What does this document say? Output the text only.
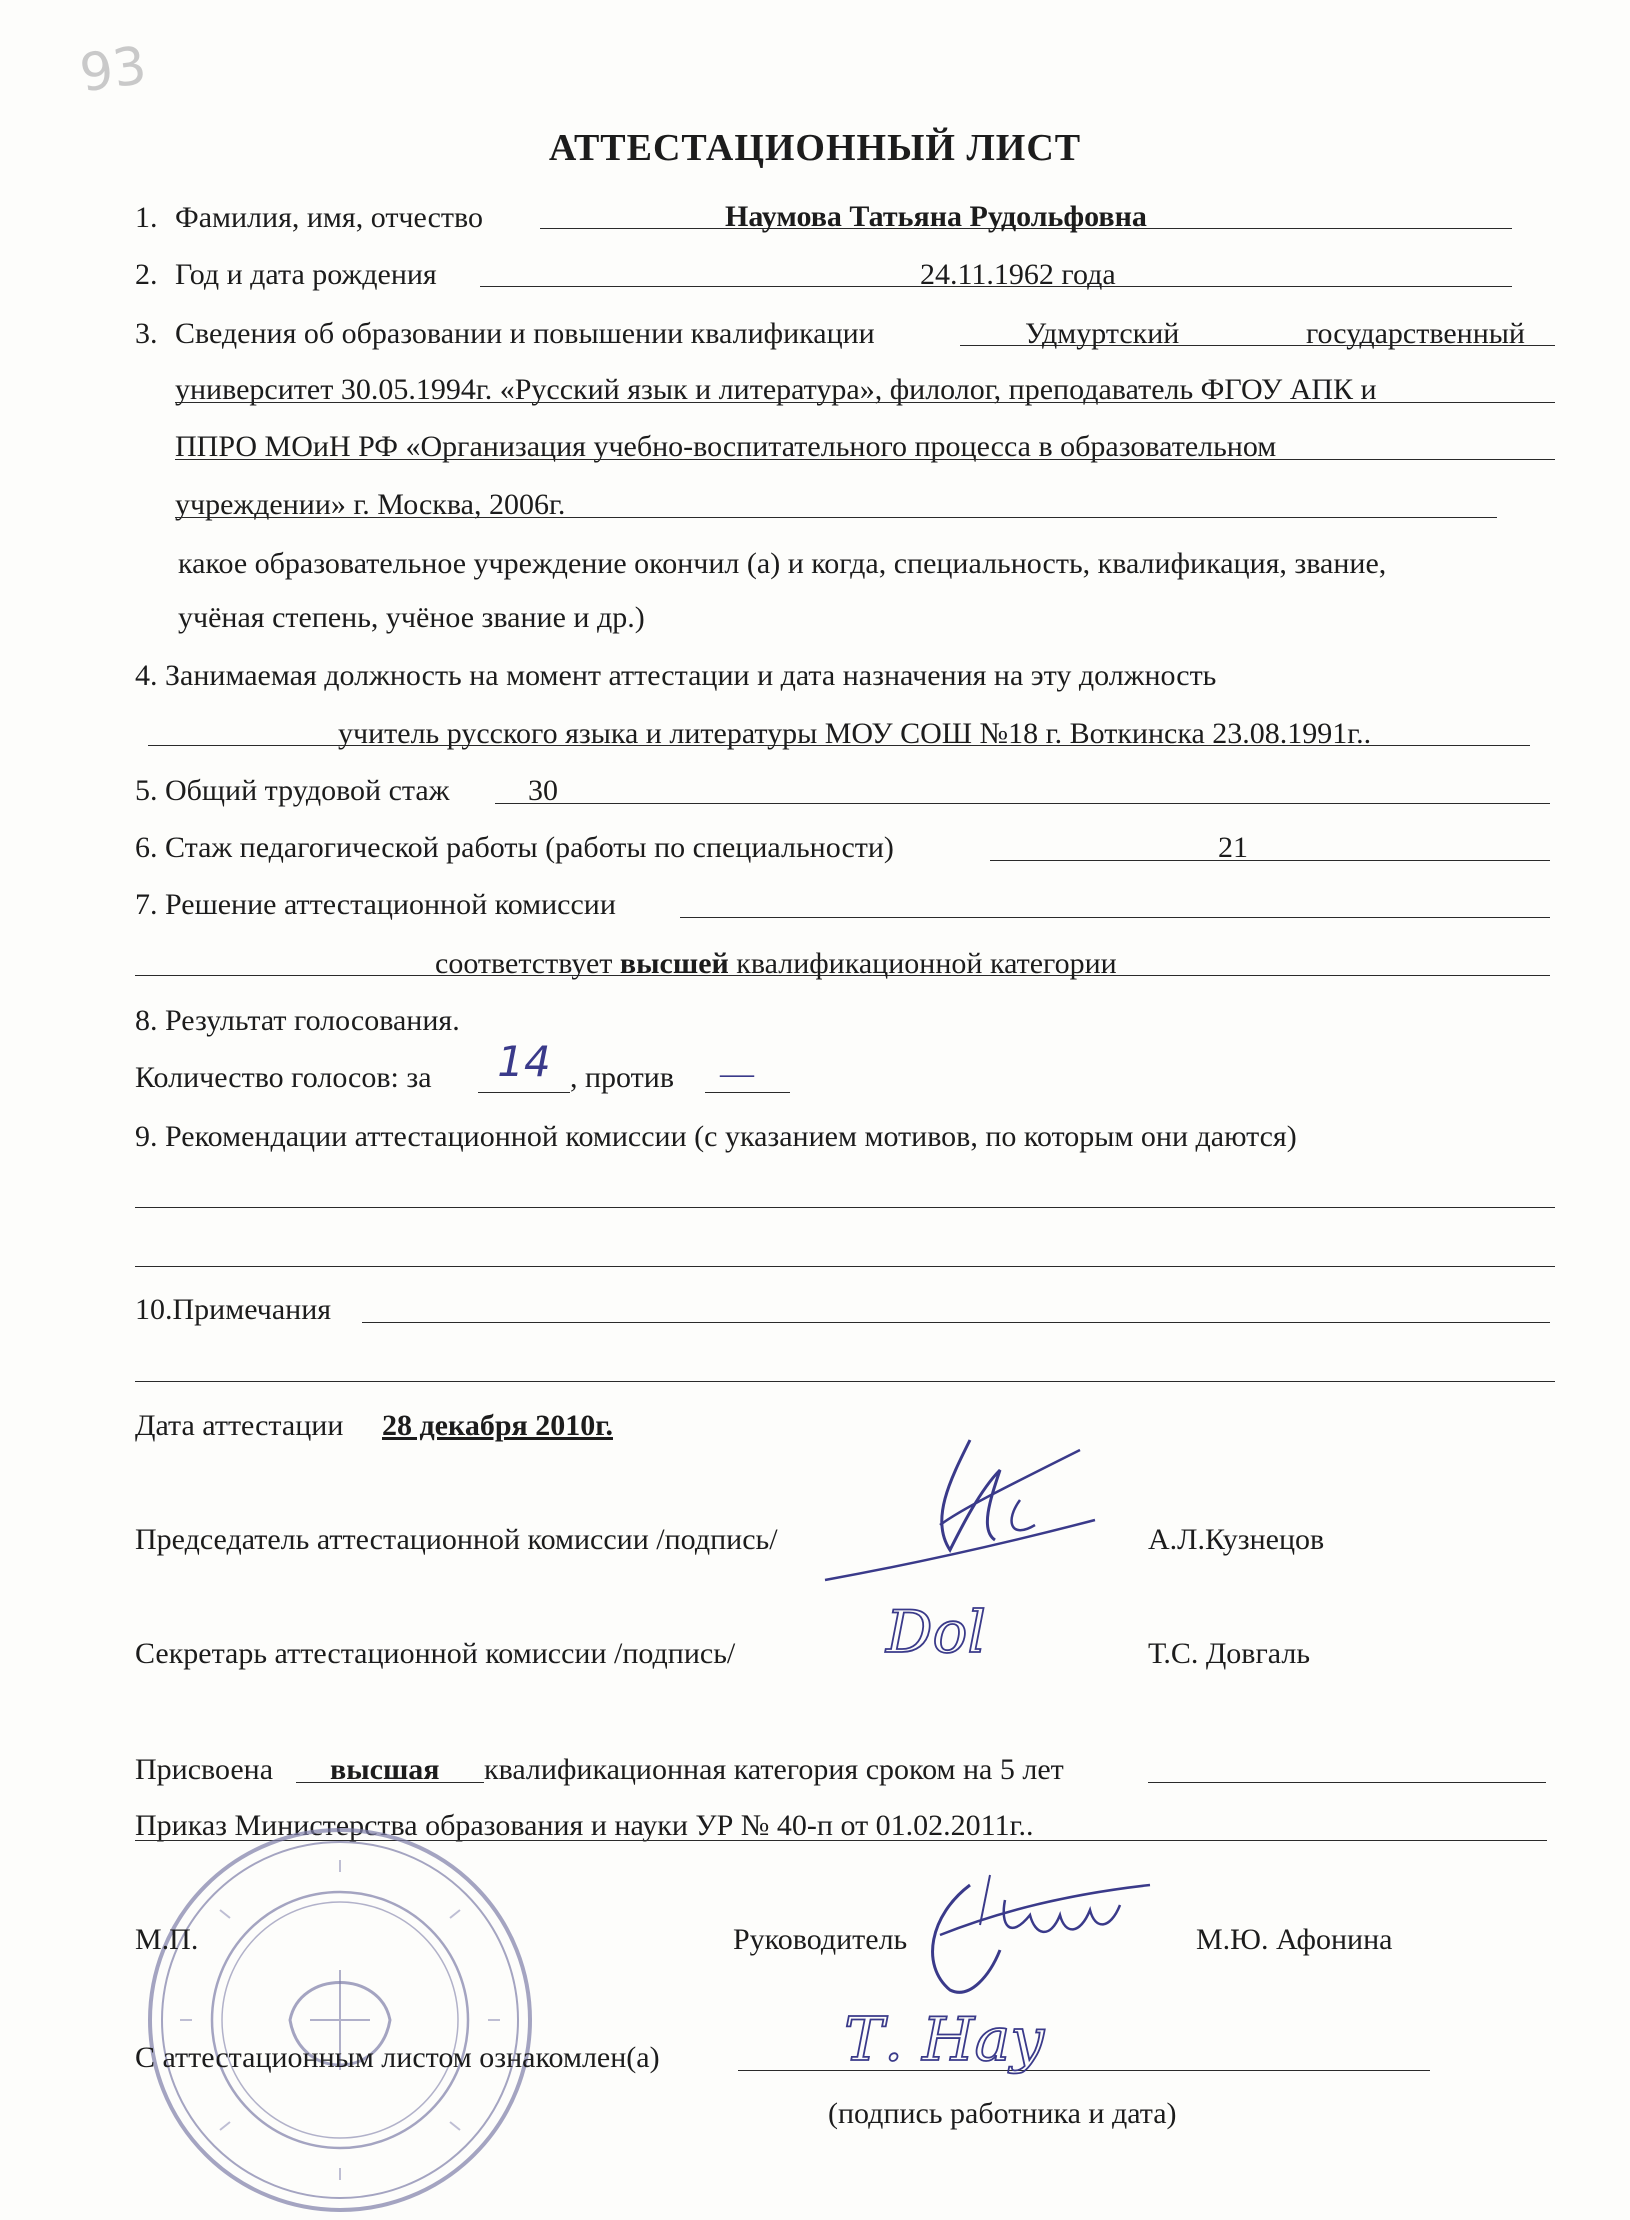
93
АТТЕСТАЦИОННЫЙ ЛИСТ
1. Фамилия, имя, отчество	Наумова Татьяна Рудольфовна
2. Год и дата рождения	24.11.1962 года
3. Сведения об образовании и повышении квалификации	Удмуртский	государственный
университет 30.05.1994г. «Русский язык и литература», филолог, преподаватель ФГОУ АПК и
ППРО МОиН РФ «Организация учебно-воспитательного процесса в образовательном
учреждении» г. Москва, 2006г.
какое образовательное учреждение окончил (а) и когда, специальность, квалификация, звание,
учёная степень, учёное звание и др.)
4. Занимаемая должность на момент аттестации и дата назначения на эту должность
учитель русского языка и литературы МОУ СОШ №18 г. Воткинска 23.08.1991г..
5. Общий трудовой стаж	30
6. Стаж педагогической работы (работы по специальности)	21
7. Решение аттестационной комиссии
соответствует высшей квалификационной категории
8. Результат голосования.
Количество голосов: за	14 , против —
9. Рекомендации аттестационной комиссии (с указанием мотивов, по которым они даются)
10.Примечания
Дата аттестации 28 декабря 2010г.
Председатель аттестационной комиссии /подпись/	А.Л.Кузнецов
Секретарь аттестационной комиссии /подпись/	Dol	Т.С. Довгаль
Присвоена высшая квалификационная категория сроком на 5 лет
Приказ Министерства образования и науки УР № 40-п от 01.02.2011г..
М.П.	Руководитель	М.Ю. Афонина
С аттестационным листом ознакомлен(а)	Т. Нау
(подпись работника и дата)
